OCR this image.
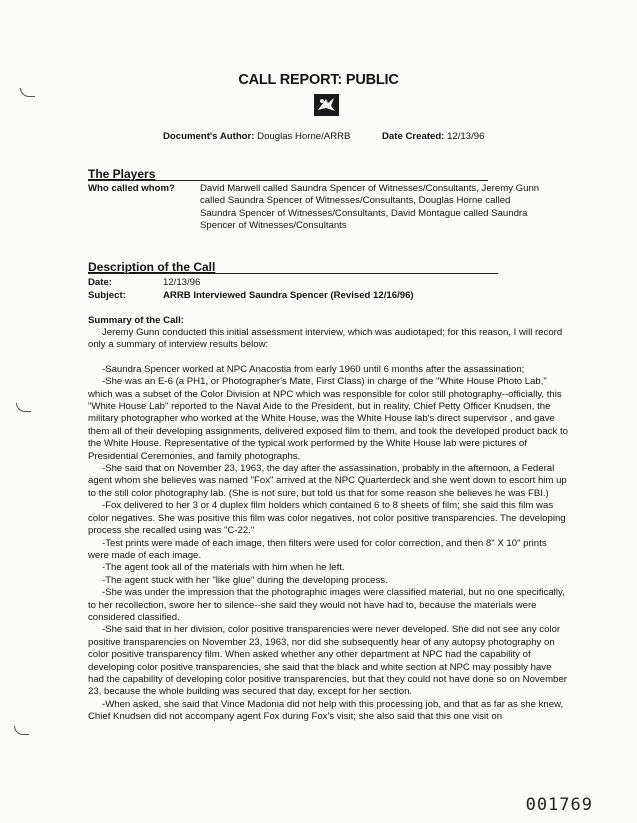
CALL REPORT: PUBLIC
Document's Author: Douglas Horne/ARRB	Date Created: 12/13/96
The Players
Who called whom?	David Marwell called Saundra Spencer of Witnesses/Consultants, Jeremy Gunn
called Saundra Spencer of Witnesses/Consultants, Douglas Horne called
Saundra Spencer of Witnesses/Consultants, David Montague called Saundra
Spencer of Witnesses/Consultants
Description of the Call
Date:	12/13/96
Subject:	ARRB Interviewed Saundra Spencer (Revised 12/16/96)
Summary of the Call:

Jeremy Gunn conducted this initial assessment interview, which was audiotaped; for this reason, I will record only a summary of interview results below:

-Saundra Spencer worked at NPC Anacostia from early 1960 until 6 months after the assassination;

-She was an E-6 (a PH1, or Photographer's Mate, First Class) in charge of the "White House Photo Lab," which was a subset of the Color Division at NPC which was responsible for color still photography--officially, this "White House Lab" reported to the Naval Aide to the President, but in reality, Chief Petty Officer Knudsen, the military photographer who worked at the White House, was the White House lab's direct supervisor , and gave them all of their developing assignments, delivered exposed film to them, and took the developed product back to the White House. Representative of the typical work performed by the White House lab were pictures of Presidential Ceremonies, and family photographs.

-She said that on November 23, 1963, the day after the assassination, probably in the afternoon, a Federal agent whom she believes was named "Fox" arrived at the NPC Quarterdeck and she went down to escort him up to the still color photography lab. (She is not sure, but told us that for some reason she believes he was FBI.)

-Fox delivered to her 3 or 4 duplex film holders which contained 6 to 8 sheets of film; she said this film was color negatives. She was positive this film was color negatives, not color positive transparencies. The developing process she recalled using was "C-22."

-Test prints were made of each image, then filters were used for color correction, and then 8" X 10" prints were made of each image.

-The agent took all of the materials with him when he left.

-The agent stuck with her "like glue" during the developing process.

-She was under the impression that the photographic images were classified material, but no one specifically, to her recollection, swore her to silence--she said they would not have had to, because the materials were considered classified.

-She said that in her division, color positive transparencies were never developed. She did not see any color positive transparencies on November 23, 1963, nor did she subsequently hear of any autopsy photography on color positive transparency film. When asked whether any other department at NPC had the capability of developing color positive transparencies, she said that the black and white section at NPC may possibly have had the capability of developing color positive transparencies, but that they could not have done so on November 23, because the whole building was secured that day, except for her section.

-When asked, she said that Vince Madonia did not help with this processing job, and that as far as she knew, Chief Knudsen did not accompany agent Fox during Fox's visit; she also said that this one visit on

001769
